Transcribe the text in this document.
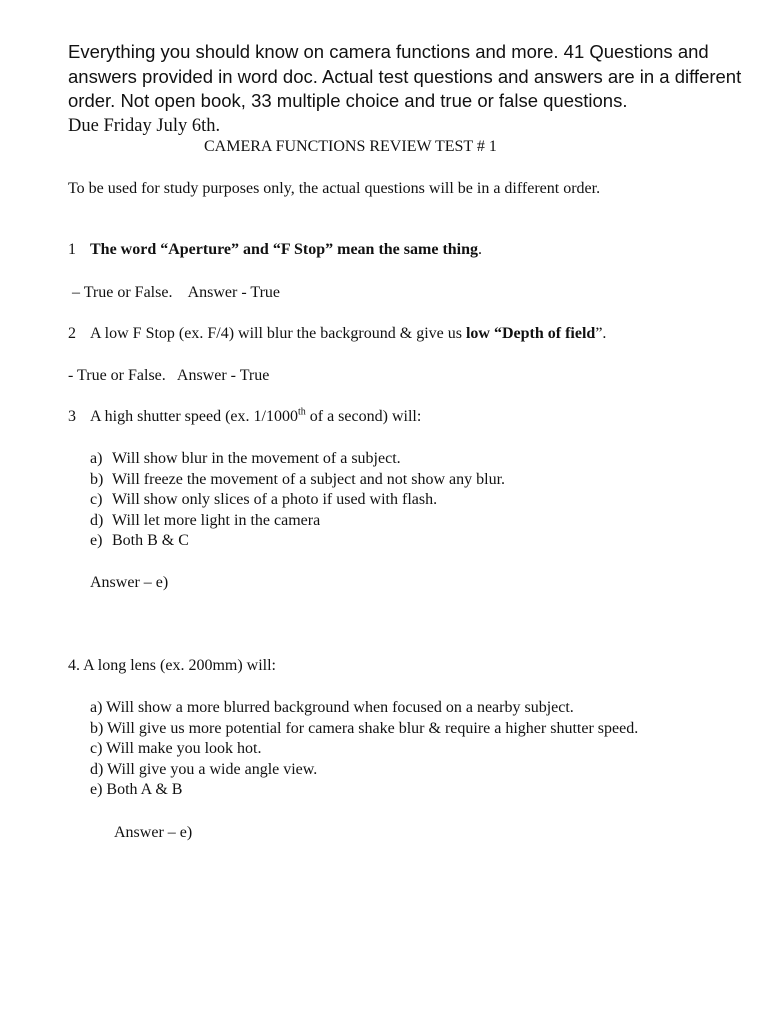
Everything you should know on camera functions and more. 41 Questions and answers provided in word doc. Actual test questions and answers are in a different order. Not open book, 33 multiple choice and true or false questions.
Due Friday July 6th.
CAMERA FUNCTIONS REVIEW TEST # 1
To be used for study purposes only, the actual questions will be in a different order.
1 The word “Aperture” and “F Stop” mean the same thing.
– True or False.    Answer - True
2 A low F Stop (ex. F/4) will blur the background & give us low “Depth of field”.
- True or False.   Answer - True
3 A high shutter speed (ex. 1/1000th of a second) will:
a) Will show blur in the movement of a subject.
b) Will freeze the movement of a subject and not show any blur.
c) Will show only slices of a photo if used with flash.
d) Will let more light in the camera
e) Both B & C
Answer – e)
4. A long lens (ex. 200mm) will:
a) Will show a more blurred background when focused on a nearby subject.
b) Will give us more potential for camera shake blur & require a higher shutter speed.
c) Will make you look hot.
d) Will give you a wide angle view.
e) Both A & B
Answer – e)
